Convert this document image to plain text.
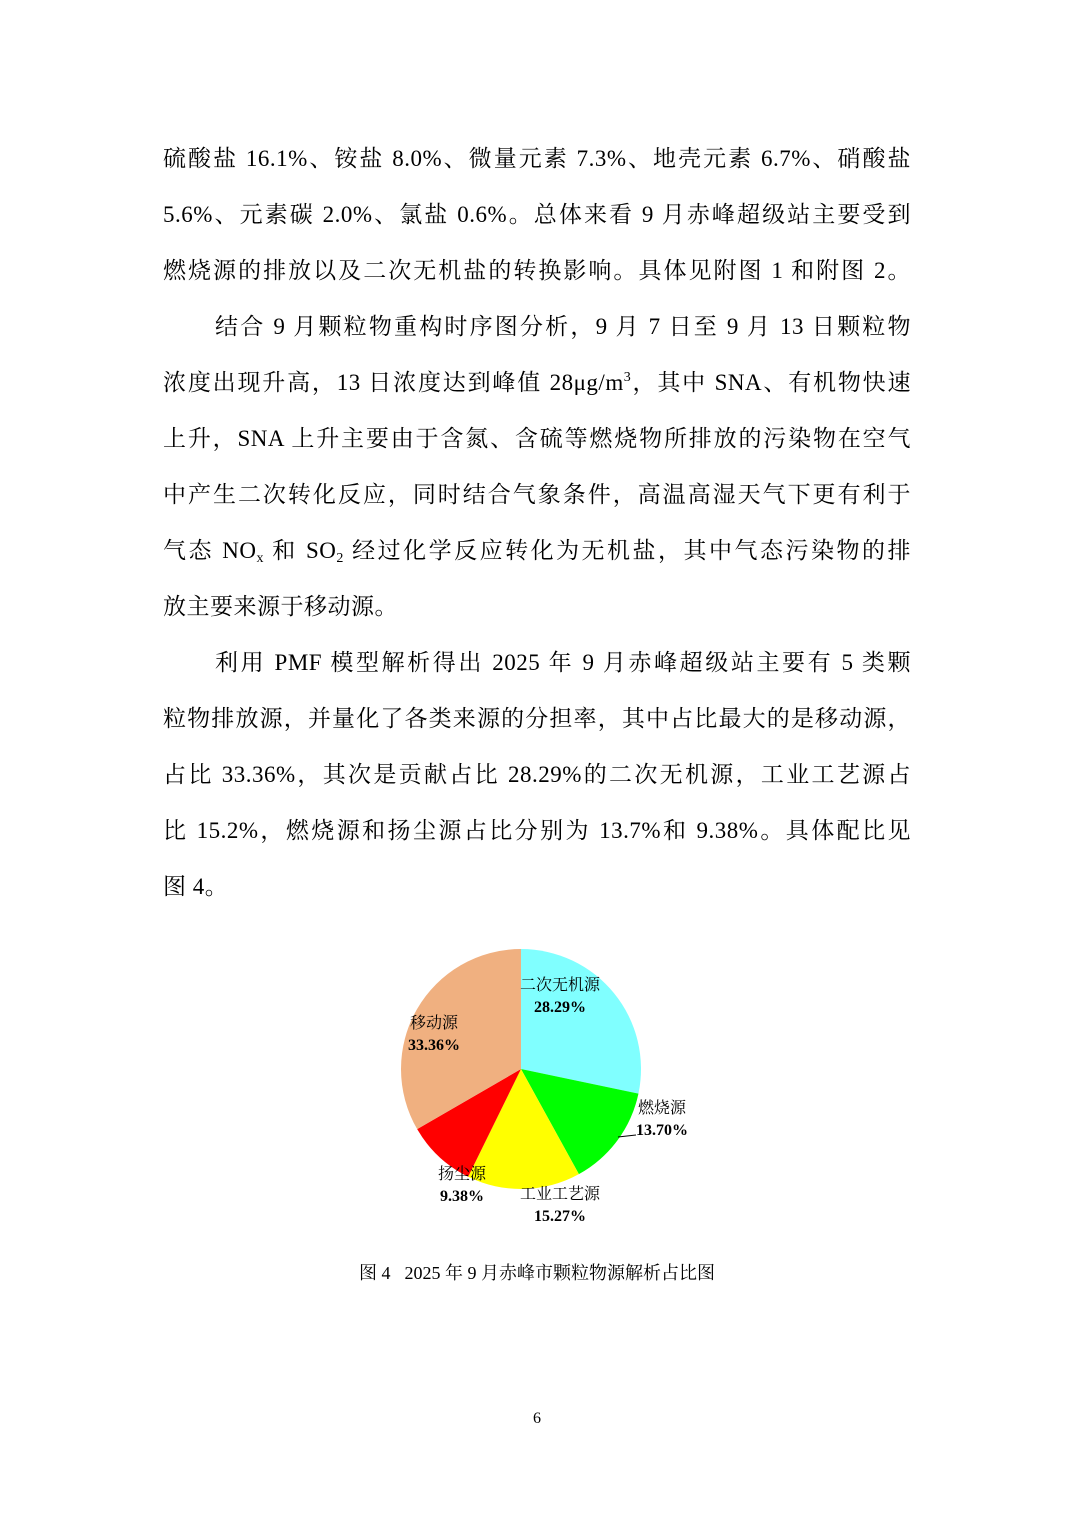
硫酸盐 16.1%、铵盐 8.0%、微量元素 7.3%、地壳元素 6.7%、硝酸盐
5.6%、元素碳 2.0%、氯盐 0.6%。总体来看 9 月赤峰超级站主要受到
燃烧源的排放以及二次无机盐的转换影响。具体见附图 1 和附图 2。
结合 9 月颗粒物重构时序图分析，9 月 7 日至 9 月 13 日颗粒物
浓度出现升高，13 日浓度达到峰值 $28\mu g/m^3$，其中 SNA、有机物快速
上升，SNA 上升主要由于含氮、含硫等燃烧物所排放的污染物在空气
中产生二次转化反应，同时结合气象条件，高温高湿天气下更有利于
气态 $NO_x$ 和 $SO_2$ 经过化学反应转化为无机盐，其中气态污染物的排
放主要来源于移动源。
利用 PMF 模型解析得出 2025 年 9 月赤峰超级站主要有 5 类颗
粒物排放源，并量化了各类来源的分担率，其中占比最大的是移动源，
占比 33.36%，其次是贡献占比 28.29%的二次无机源，工业工艺源占
比 15.2%，燃烧源和扬尘源占比分别为 13.7%和 9.38%。具体配比见
图 4。
二次无机源
28.29%
燃烧源
13.70%
工业工艺源
15.27%
扬尘源
9.38%
移动源
33.36%
图 4 2025 年 9 月赤峰市颗粒物源解析占比图
6
